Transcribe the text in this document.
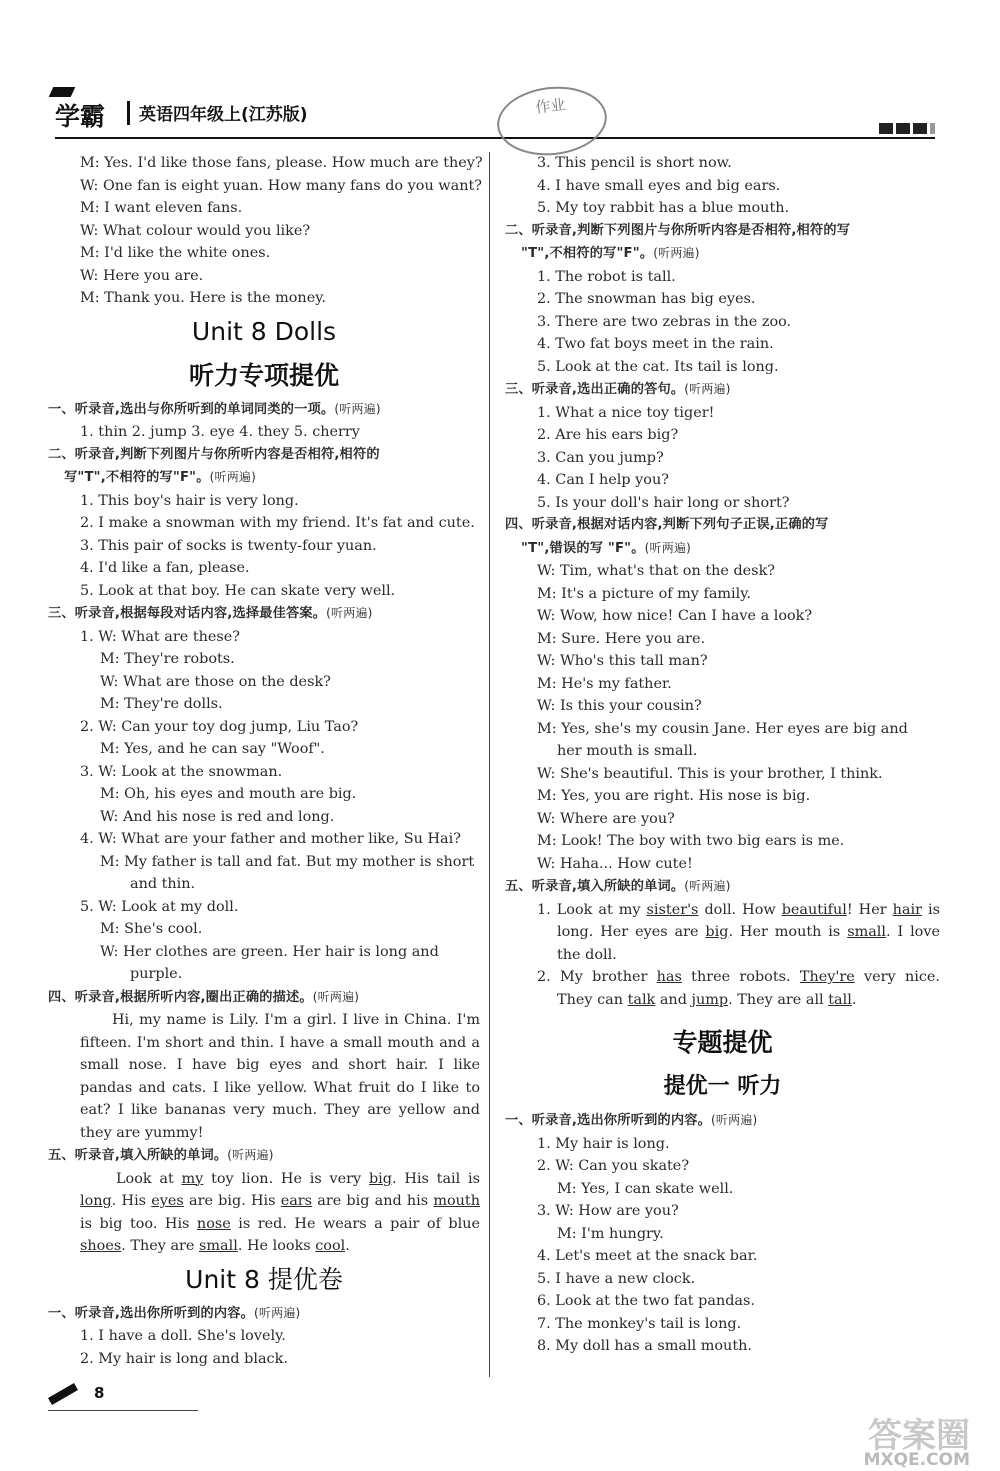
学霸 英语四年级上(江苏版)	作业

M: Yes. I'd like those fans, please. How much are they?
W: One fan is eight yuan. How many fans do you want?
M: I want eleven fans.
W: What colour would you like?
M: I'd like the white ones.
W: Here you are.
M: Thank you. Here is the money.
Unit 8 Dolls
听力专项提优
一、听录音,选出与你所听到的单词同类的一项。(听两遍)
1. thin 2. jump 3. eye 4. they 5. cherry
二、听录音,判断下列图片与你所听内容是否相符,相符的
写"T",不相符的写"F"。(听两遍)
1. This boy's hair is very long.
2. I make a snowman with my friend. It's fat and cute.
3. This pair of socks is twenty-four yuan.
4. I'd like a fan, please.
5. Look at that boy. He can skate very well.
三、听录音,根据每段对话内容,选择最佳答案。(听两遍)
1. W: What are these?
M: They're robots.
W: What are those on the desk?
M: They're dolls.
2. W: Can your toy dog jump, Liu Tao?
M: Yes, and he can say "Woof".
3. W: Look at the snowman.
M: Oh, his eyes and mouth are big.
W: And his nose is red and long.
4. W: What are your father and mother like, Su Hai?
M: My father is tall and fat. But my mother is short
and thin.
5. W: Look at my doll.
M: She's cool.
W: Her clothes are green. Her hair is long and
purple.
四、听录音,根据所听内容,圈出正确的描述。(听两遍)
Hi, my name is Lily. I'm a girl. I live in China. I'm fifteen. I'm short and thin. I have a small mouth and a small nose. I have big eyes and short hair. I like pandas and cats. I like yellow. What fruit do I like to eat? I like bananas very much. They are yellow and they are yummy!
五、听录音,填入所缺的单词。(听两遍)
Look at my toy lion. He is very big. His tail is long. His eyes are big. His ears are big and his mouth is big too. His nose is red. He wears a pair of blue shoes. They are small. He looks cool.
Unit 8 提优卷
一、听录音,选出你所听到的内容。(听两遍)
1. I have a doll. She's lovely.
2. My hair is long and black.
3. This pencil is short now.
4. I have small eyes and big ears.
5. My toy rabbit has a blue mouth.
二、听录音,判断下列图片与你所听内容是否相符,相符的写
"T",不相符的写"F"。(听两遍)
1. The robot is tall.
2. The snowman has big eyes.
3. There are two zebras in the zoo.
4. Two fat boys meet in the rain.
5. Look at the cat. Its tail is long.
三、听录音,选出正确的答句。(听两遍)
1. What a nice toy tiger!
2. Are his ears big?
3. Can you jump?
4. Can I help you?
5. Is your doll's hair long or short?
四、听录音,根据对话内容,判断下列句子正误,正确的写
"T",错误的写 "F"。(听两遍)
W: Tim, what's that on the desk?
M: It's a picture of my family.
W: Wow, how nice! Can I have a look?
M: Sure. Here you are.
W: Who's this tall man?
M: He's my father.
W: Is this your cousin?
M: Yes, she's my cousin Jane. Her eyes are big and
her mouth is small.
W: She's beautiful. This is your brother, I think.
M: Yes, you are right. His nose is big.
W: Where are you?
M: Look! The boy with two big ears is me.
W: Haha... How cute!
五、听录音,填入所缺的单词。(听两遍)
1. Look at my sister's doll. How beautiful! Her hair is long. Her eyes are big. Her mouth is small. I love the doll.
2. My brother has three robots. They're very nice. They can talk and jump. They are all tall.
专题提优
提优一 听力
一、听录音,选出你所听到的内容。(听两遍)
1. My hair is long.
2. W: Can you skate?
M: Yes, I can skate well.
3. W: How are you?
M: I'm hungry.
4. Let's meet at the snack bar.
5. I have a new clock.
6. Look at the two fat pandas.
7. The monkey's tail is long.
8. My doll has a small mouth.
8
答案圈
MXQE.COM
